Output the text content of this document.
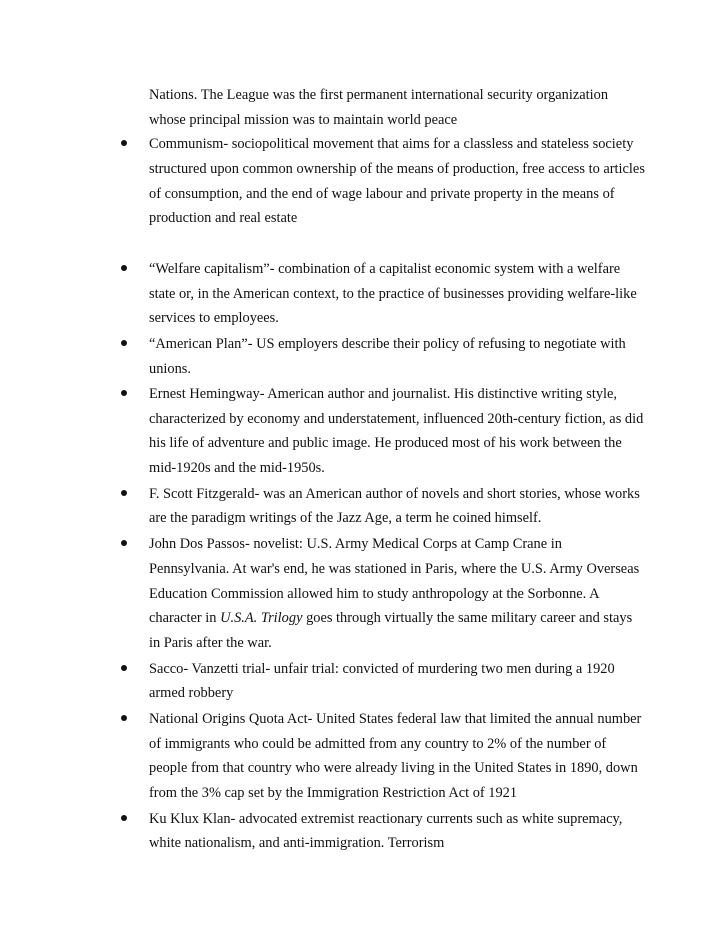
Nations. The League was the first permanent international security organization
whose principal mission was to maintain world peace
Communism- sociopolitical movement that aims for a classless and stateless society
structured upon common ownership of the means of production, free access to articles
of consumption, and the end of wage labour and private property in the means of
production and real estate
“Welfare capitalism”- combination of a capitalist economic system with a welfare
state or, in the American context, to the practice of businesses providing welfare-like
services to employees.
“American Plan”- US employers describe their policy of refusing to negotiate with
unions.
Ernest Hemingway- American author and journalist. His distinctive writing style,
characterized by economy and understatement, influenced 20th-century fiction, as did
his life of adventure and public image. He produced most of his work between the
mid-1920s and the mid-1950s.
F. Scott Fitzgerald- was an American author of novels and short stories, whose works
are the paradigm writings of the Jazz Age, a term he coined himself.
John Dos Passos- novelist: U.S. Army Medical Corps at Camp Crane in
Pennsylvania. At war's end, he was stationed in Paris, where the U.S. Army Overseas
Education Commission allowed him to study anthropology at the Sorbonne. A
character in U.S.A. Trilogy goes through virtually the same military career and stays
in Paris after the war.
Sacco- Vanzetti trial- unfair trial: convicted of murdering two men during a 1920
armed robbery
National Origins Quota Act- United States federal law that limited the annual number
of immigrants who could be admitted from any country to 2% of the number of
people from that country who were already living in the United States in 1890, down
from the 3% cap set by the Immigration Restriction Act of 1921
Ku Klux Klan- advocated extremist reactionary currents such as white supremacy,
white nationalism, and anti-immigration. Terrorism
